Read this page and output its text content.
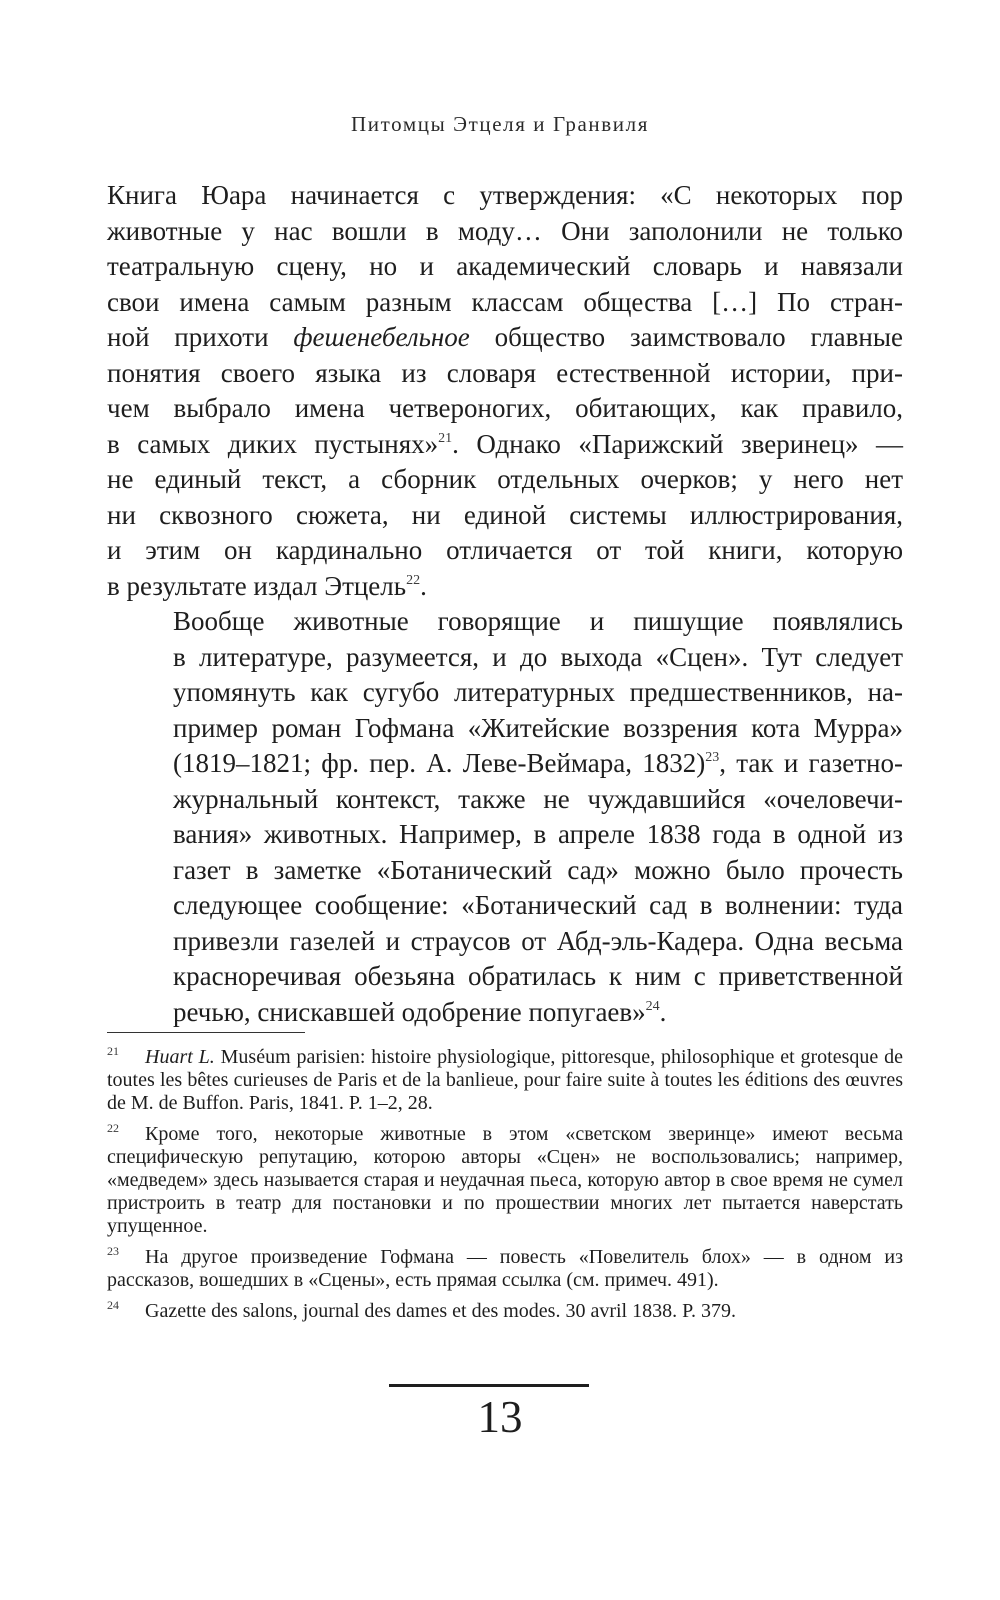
Питомцы Этцеля и Гранвиля

Книга Юара начинается с утверждения: «С некоторых пор
животные у нас вошли в моду… Они заполонили не только
театральную сцену, но и академический словарь и навязали
свои имена самым разным классам общества […] По стран-
ной прихоти фешенебельное общество заимствовало главные
понятия своего языка из словаря естественной истории, при-
чем выбрало имена четвероногих, обитающих, как правило,
в самых диких пустынях»$^{21}$. Однако «Парижский зверинец» —
не единый текст, а сборник отдельных очерков; у него нет
ни сквозного сюжета, ни единой системы иллюстрирования,
и этим он кардинально отличается от той книги, которую
в результате издал Этцель$^{22}$.

Вообще животные говорящие и пишущие появлялись
в литературе, разумеется, и до выхода «Сцен». Тут следует
упомянуть как сугубо литературных предшественников, на-
пример роман Гофмана «Житейские воззрения кота Мурра»
(1819–1821; фр. пер. А. Леве-Веймара, 1832)$^{23}$, так и газетно-
журнальный контекст, также не чуждавшийся «очеловечи-
вания» животных. Например, в апреле 1838 года в одной из
газет в заметке «Ботанический сад» можно было прочесть
следующее сообщение: «Ботанический сад в волнении: туда
привезли газелей и страусов от Абд-эль-Кадера. Одна весьма
красноречивая обезьяна обратилась к ним с приветственной
речью, снискавшей одобрение попугаев»$^{24}$.

21 Huart L. Muséum parisien: histoire physiologique, pittoresque, philosophique et grotesque de toutes les bêtes curieuses de Paris et de la banlieue, pour faire suite à toutes les éditions des œuvres de M. de Buffon. Paris, 1841. P. 1–2, 28.

22 Кроме того, некоторые животные в этом «светском зверинце» имеют весьма специфическую репутацию, которою авторы «Сцен» не воспользовались; например, «медведем» здесь называется старая и неудачная пьеса, которую автор в свое время не сумел пристроить в театр для постановки и по прошествии многих лет пытается наверстать упущенное.

23 На другое произведение Гофмана — повесть «Повелитель блох» — в одном из рассказов, вошедших в «Сцены», есть прямая ссылка (см. примеч. 491).

24 Gazette des salons, journal des dames et des modes. 30 avril 1838. P. 379.

13
